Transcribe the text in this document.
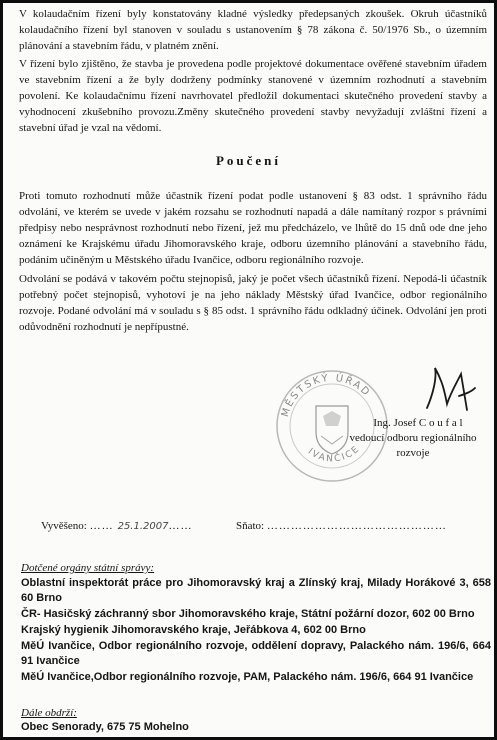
V kolaudačním řízení byly konstatovány kladné výsledky předepsaných zkoušek. Okruh účastníků kolaudačního řízení byl stanoven v souladu s ustanovením § 78 zákona č. 50/1976 Sb., o územním plánování a stavebním řádu, v platném znění.

V řízení bylo zjištěno, že stavba je provedena podle projektové dokumentace ověřené stavebním úřadem ve stavebním řízení a že byly dodrženy podmínky stanovené v územním rozhodnutí a stavebním povolení. Ke kolaudačnímu řízení navrhovatel předložil dokumentaci skutečného provedení stavby a vyhodnocení zkušebního provozu.Změny skutečného provedení stavby nevyžadují zvláštní řízení a stavební úřad je vzal na vědomí.

Poučení

Proti tomuto rozhodnutí může účastník řízení podat podle ustanovení § 83 odst. 1 správního řádu odvolání, ve kterém se uvede v jakém rozsahu se rozhodnutí napadá a dále namítaný rozpor s právními předpisy nebo nesprávnost rozhodnutí nebo řízení, jež mu předcházelo, ve lhůtě do 15 dnů ode dne jeho oznámení ke Krajskému úřadu Jihomoravského kraje, odboru územního plánování a stavebního řádu, podáním učiněným u Městského úřadu Ivančice, odboru regionálního rozvoje.

Odvolání se podává v takovém počtu stejnopisů, jaký je počet všech účastníků řízení. Nepodá-li účastník potřebný počet stejnopisů, vyhotoví je na jeho náklady Městský úřad Ivančice, odbor regionálního rozvoje. Podané odvolání má v souladu s § 85 odst. 1 správního řádu odkladný účinek. Odvolání jen proti odůvodnění rozhodnutí je nepřípustné.

MĚSTSKÝ ÚŘAD
IVANČICE
Ing. Josef C o u f a l
vedoucí odboru regionálního rozvoje
Vyvěšeno: …… 25.1.2007……	Sňato: ………………………………………
Dotčené orgány státní správy:
Oblastní inspektorát práce pro Jihomoravský kraj a Zlínský kraj, Milady Horákové 3, 658 60 Brno
ČR- Hasičský záchranný sbor Jihomoravského kraje, Státní požární dozor, 602 00 Brno
Krajský hygienik Jihomoravského kraje, Jeřábkova 4, 602 00 Brno
MěÚ Ivančice, Odbor regionálního rozvoje, oddělení dopravy, Palackého nám. 196/6, 664 91 Ivančice
MěÚ Ivančice,Odbor regionálního rozvoje, PAM, Palackého nám. 196/6, 664 91 Ivančice
Dále obdrží:
Obec Senorady, 675 75 Mohelno
